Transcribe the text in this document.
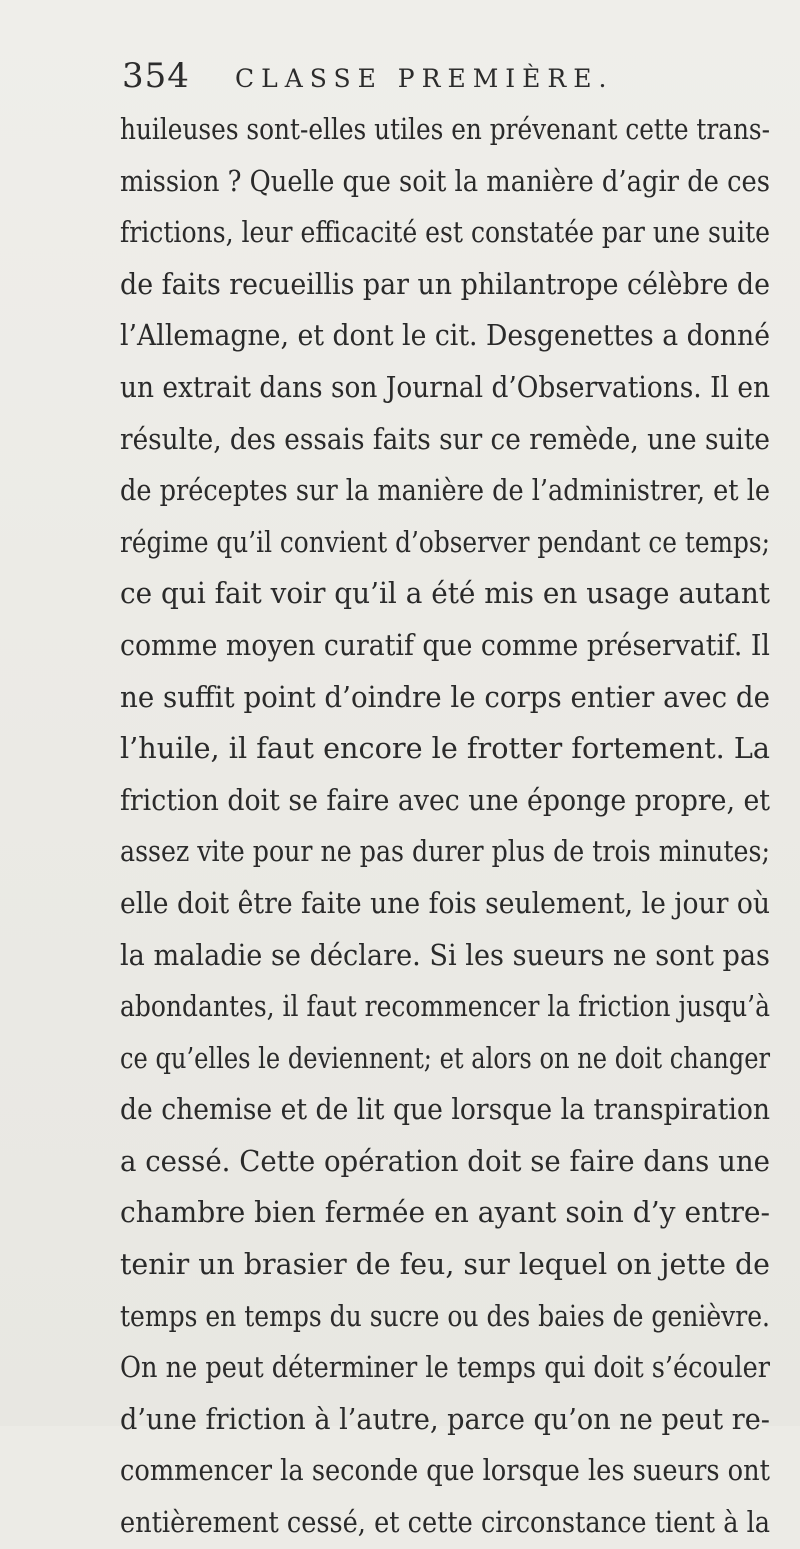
354 CLASSE PREMIÈRE.
huileuses sont-elles utiles en prévenant cette trans-
mission ? Quelle que soit la manière d’agir de ces
frictions, leur efficacité est constatée par une suite
de faits recueillis par un philantrope célèbre de
l’Allemagne, et dont le cit. Desgenettes a donné
un extrait dans son Journal d’Observations. Il en
résulte, des essais faits sur ce remède, une suite
de préceptes sur la manière de l’administrer, et le
régime qu’il convient d’observer pendant ce temps;
ce qui fait voir qu’il a été mis en usage autant
comme moyen curatif que comme préservatif. Il
ne suffit point d’oindre le corps entier avec de
l’huile, il faut encore le frotter fortement. La
friction doit se faire avec une éponge propre, et
assez vite pour ne pas durer plus de trois minutes;
elle doit être faite une fois seulement, le jour où
la maladie se déclare. Si les sueurs ne sont pas
abondantes, il faut recommencer la friction jusqu’à
ce qu’elles le deviennent; et alors on ne doit changer
de chemise et de lit que lorsque la transpiration
a cessé. Cette opération doit se faire dans une
chambre bien fermée en ayant soin d’y entre-
tenir un brasier de feu, sur lequel on jette de
temps en temps du sucre ou des baies de genièvre.
On ne peut déterminer le temps qui doit s’écouler
d’une friction à l’autre, parce qu’on ne peut re-
commencer la seconde que lorsque les sueurs ont
entièrement cessé, et cette circonstance tient à la
